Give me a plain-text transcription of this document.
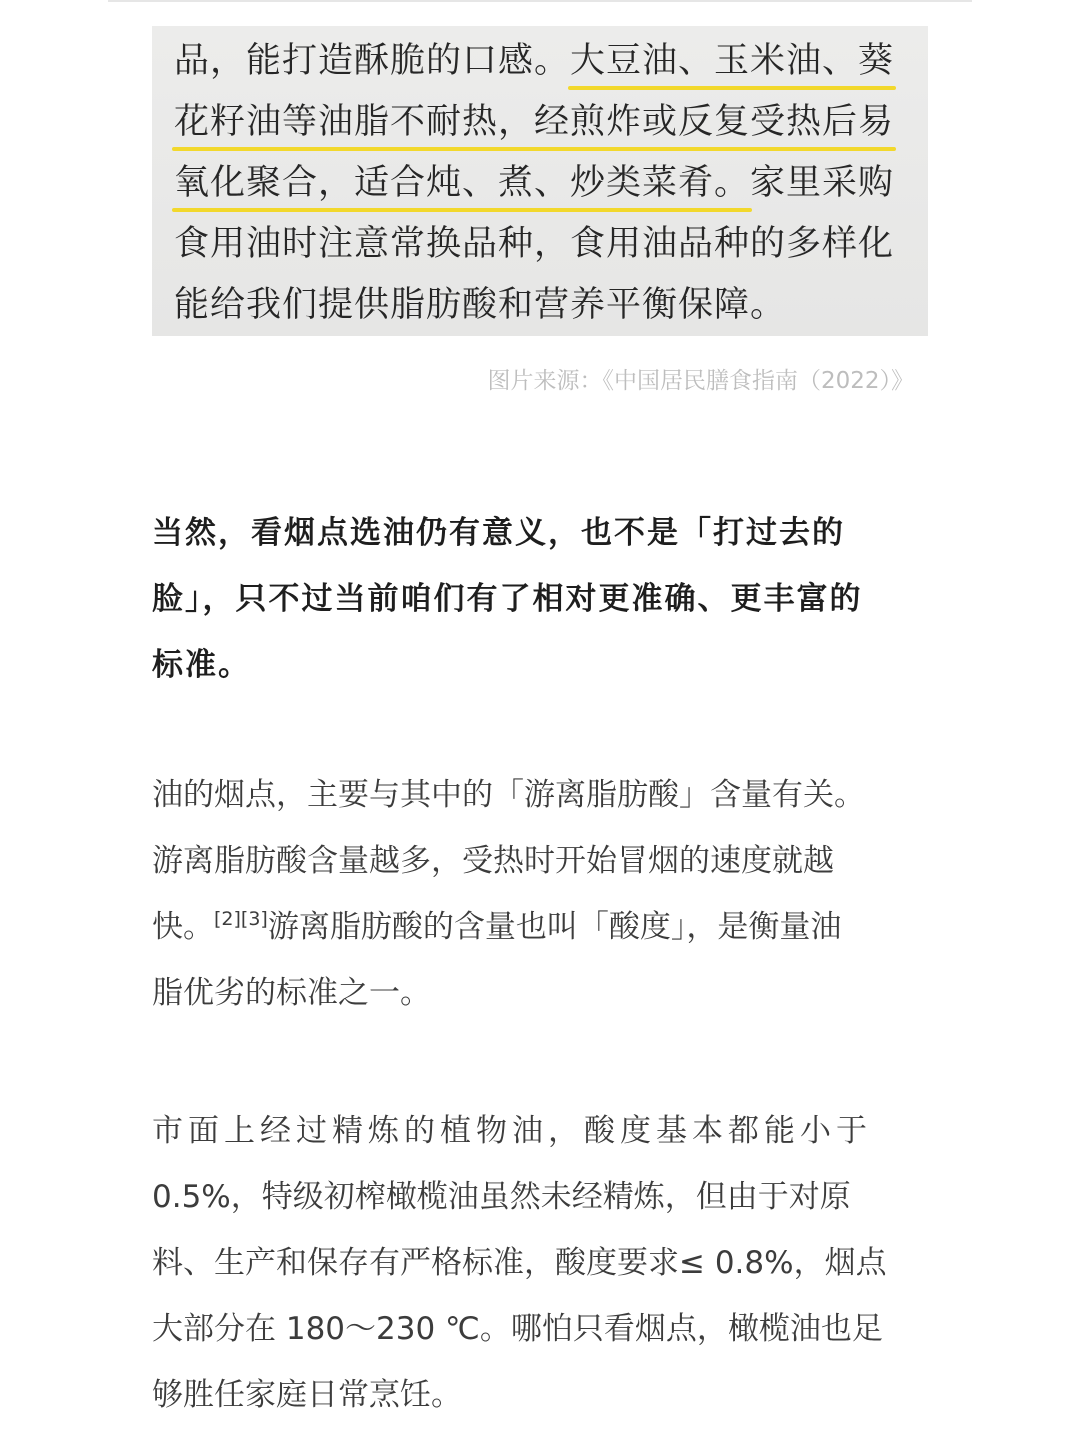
品，能打造酥脆的口感。大豆油、玉米油、葵
花籽油等油脂不耐热，经煎炸或反复受热后易
氧化聚合，适合炖、煮、炒类菜肴。家里采购
食用油时注意常换品种，食用油品种的多样化
能给我们提供脂肪酸和营养平衡保障。
图片来源：《中国居民膳食指南（2022）》
当然，看烟点选油仍有意义，也不是「打过去的
脸」，只不过当前咱们有了相对更准确、更丰富的
标准。
油的烟点，主要与其中的「游离脂肪酸」含量有关。
游离脂肪酸含量越多，受热时开始冒烟的速度就越
快。[2][3]游离脂肪酸的含量也叫「酸度」，是衡量油
脂优劣的标准之一。
市面上经过精炼的植物油，酸度基本都能小于
0.5%，特级初榨橄榄油虽然未经精炼，但由于对原
料、生产和保存有严格标准，酸度要求≤ 0.8%，烟点
大部分在 180～230 ℃。哪怕只看烟点，橄榄油也足
够胜任家庭日常烹饪。
